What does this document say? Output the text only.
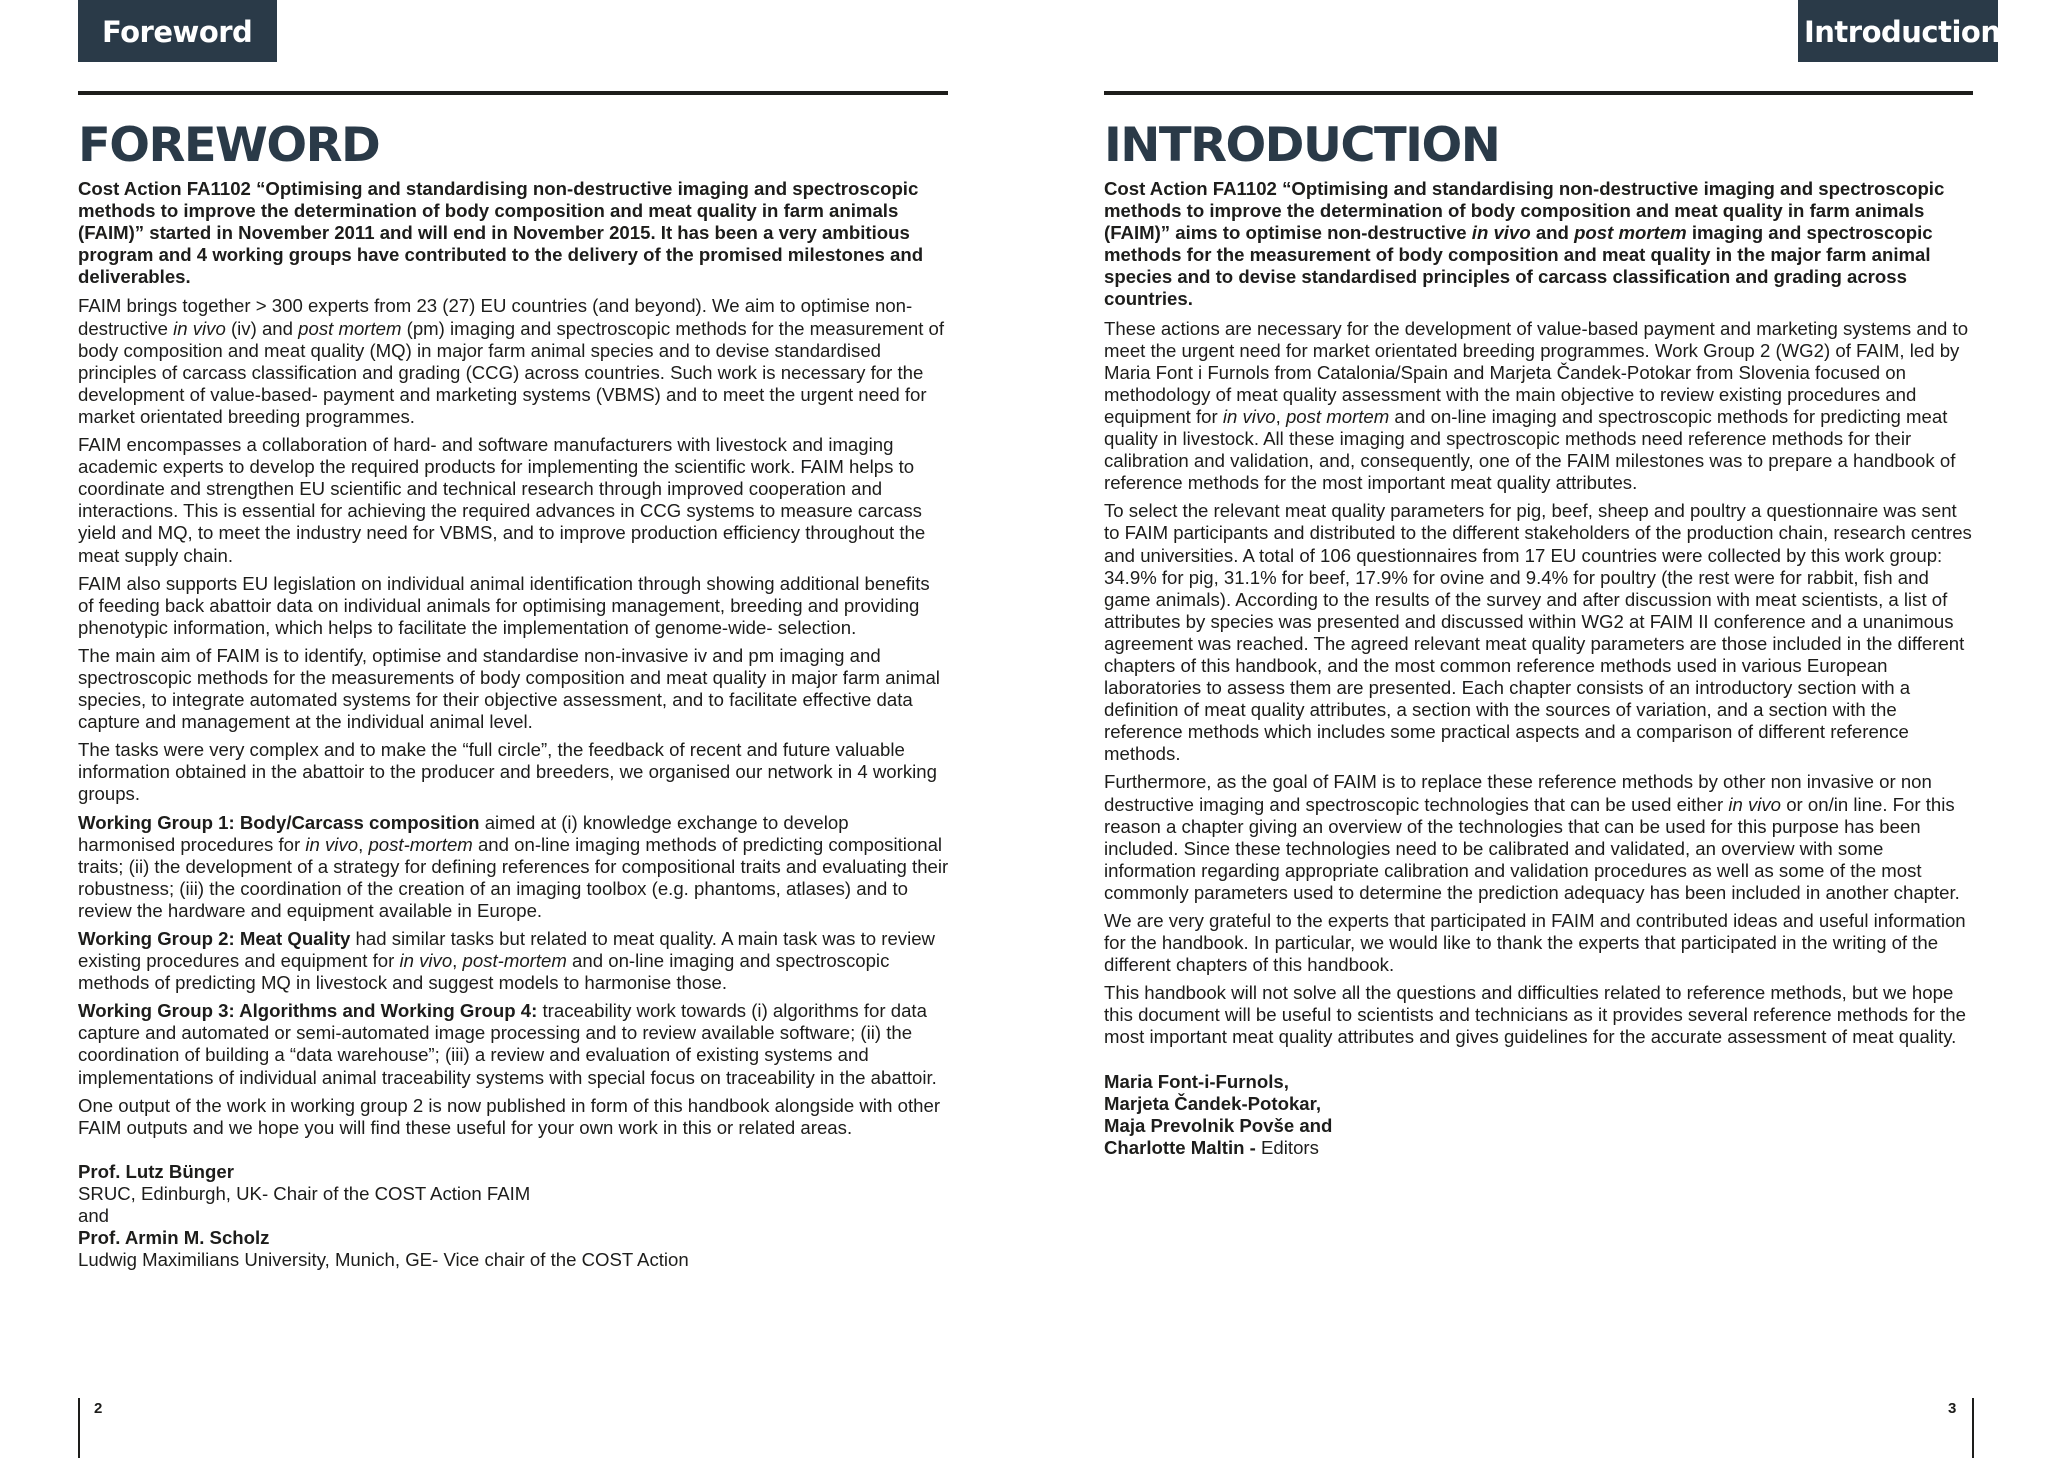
Foreword
FOREWORD
Cost Action FA1102 “Optimising and standardising non-destructive imaging and spectroscopic methods to improve the determination of body composition and meat quality in farm animals (FAIM)” started in November 2011 and will end in November 2015. It has been a very ambitious program and 4 working groups have contributed to the delivery of the promised milestones and deliverables.

FAIM brings together > 300 experts from 23 (27) EU countries (and beyond). We aim to optimise non-destructive in vivo (iv) and post mortem (pm) imaging and spectroscopic methods for the measurement of body composition and meat quality (MQ) in major farm animal species and to devise standardised principles of carcass classification and grading (CCG) across countries. Such work is necessary for the development of value-based- payment and marketing systems (VBMS) and to meet the urgent need for market orientated breeding programmes.

FAIM encompasses a collaboration of hard- and software manufacturers with livestock and imaging academic experts to develop the required products for implementing the scientific work. FAIM helps to coordinate and strengthen EU scientific and technical research through improved cooperation and interactions. This is essential for achieving the required advances in CCG systems to measure carcass yield and MQ, to meet the industry need for VBMS, and to improve production efficiency throughout the meat supply chain.

FAIM also supports EU legislation on individual animal identification through showing additional benefits of feeding back abattoir data on individual animals for optimising management, breeding and providing phenotypic information, which helps to facilitate the implementation of genome-wide- selection.

The main aim of FAIM is to identify, optimise and standardise non-invasive iv and pm imaging and spectroscopic methods for the measurements of body composition and meat quality in major farm animal species, to integrate automated systems for their objective assessment, and to facilitate effective data capture and management at the individual animal level.

The tasks were very complex and to make the “full circle”, the feedback of recent and future valuable information obtained in the abattoir to the producer and breeders, we organised our network in 4 working groups.

Working Group 1: Body/Carcass composition aimed at (i) knowledge exchange to develop harmonised procedures for in vivo, post-mortem and on-line imaging methods of predicting compositional traits; (ii) the development of a strategy for defining references for compositional traits and evaluating their robustness; (iii) the coordination of the creation of an imaging toolbox (e.g. phantoms, atlases) and to review the hardware and equipment available in Europe.

Working Group 2: Meat Quality had similar tasks but related to meat quality. A main task was to review existing procedures and equipment for in vivo, post-mortem and on-line imaging and spectroscopic methods of predicting MQ in livestock and suggest models to harmonise those.

Working Group 3: Algorithms and Working Group 4: traceability work towards (i) algorithms for data capture and automated or semi-automated image processing and to review available software; (ii) the coordination of building a “data warehouse”; (iii) a review and evaluation of existing systems and implementations of individual animal traceability systems with special focus on traceability in the abattoir.

One output of the work in working group 2 is now published in form of this handbook alongside with other FAIM outputs and we hope you will find these useful for your own work in this or related areas.

Prof. Lutz Bünger
SRUC, Edinburgh, UK- Chair of the COST Action FAIM
and
Prof. Armin M. Scholz
Ludwig Maximilians University, Munich, GE- Vice chair of the COST Action
2
Introduction
INTRODUCTION
Cost Action FA1102 “Optimising and standardising non-destructive imaging and spectroscopic methods to improve the determination of body composition and meat quality in farm animals (FAIM)” aims to optimise non-destructive in vivo and post mortem imaging and spectroscopic methods for the measurement of body composition and meat quality in the major farm animal species and to devise standardised principles of carcass classification and grading across countries.

These actions are necessary for the development of value-based payment and marketing systems and to meet the urgent need for market orientated breeding programmes. Work Group 2 (WG2) of FAIM, led by Maria Font i Furnols from Catalonia/Spain and Marjeta Čandek-Potokar from Slovenia focused on methodology of meat quality assessment with the main objective to review existing procedures and equipment for in vivo, post mortem and on-line imaging and spectroscopic methods for predicting meat quality in livestock. All these imaging and spectroscopic methods need reference methods for their calibration and validation, and, consequently, one of the FAIM milestones was to prepare a handbook of reference methods for the most important meat quality attributes.

To select the relevant meat quality parameters for pig, beef, sheep and poultry a questionnaire was sent to FAIM participants and distributed to the different stakeholders of the production chain, research centres and universities. A total of 106 questionnaires from 17 EU countries were collected by this work group: 34.9% for pig, 31.1% for beef, 17.9% for ovine and 9.4% for poultry (the rest were for rabbit, fish and game animals). According to the results of the survey and after discussion with meat scientists, a list of attributes by species was presented and discussed within WG2 at FAIM II conference and a unanimous agreement was reached. The agreed relevant meat quality parameters are those included in the different chapters of this handbook, and the most common reference methods used in various European laboratories to assess them are presented. Each chapter consists of an introductory section with a definition of meat quality attributes, a section with the sources of variation, and a section with the reference methods which includes some practical aspects and a comparison of different reference methods.

Furthermore, as the goal of FAIM is to replace these reference methods by other non invasive or non destructive imaging and spectroscopic technologies that can be used either in vivo or on/in line. For this reason a chapter giving an overview of the technologies that can be used for this purpose has been included. Since these technologies need to be calibrated and validated, an overview with some information regarding appropriate calibration and validation procedures as well as some of the most commonly parameters used to determine the prediction adequacy has been included in another chapter.

We are very grateful to the experts that participated in FAIM and contributed ideas and useful information for the handbook. In particular, we would like to thank the experts that participated in the writing of the different chapters of this handbook.

This handbook will not solve all the questions and difficulties related to reference methods, but we hope this document will be useful to scientists and technicians as it provides several reference methods for the most important meat quality attributes and gives guidelines for the accurate assessment of meat quality.

Maria Font-i-Furnols,
Marjeta Čandek-Potokar,
Maja Prevolnik Povše and
Charlotte Maltin - Editors
3
